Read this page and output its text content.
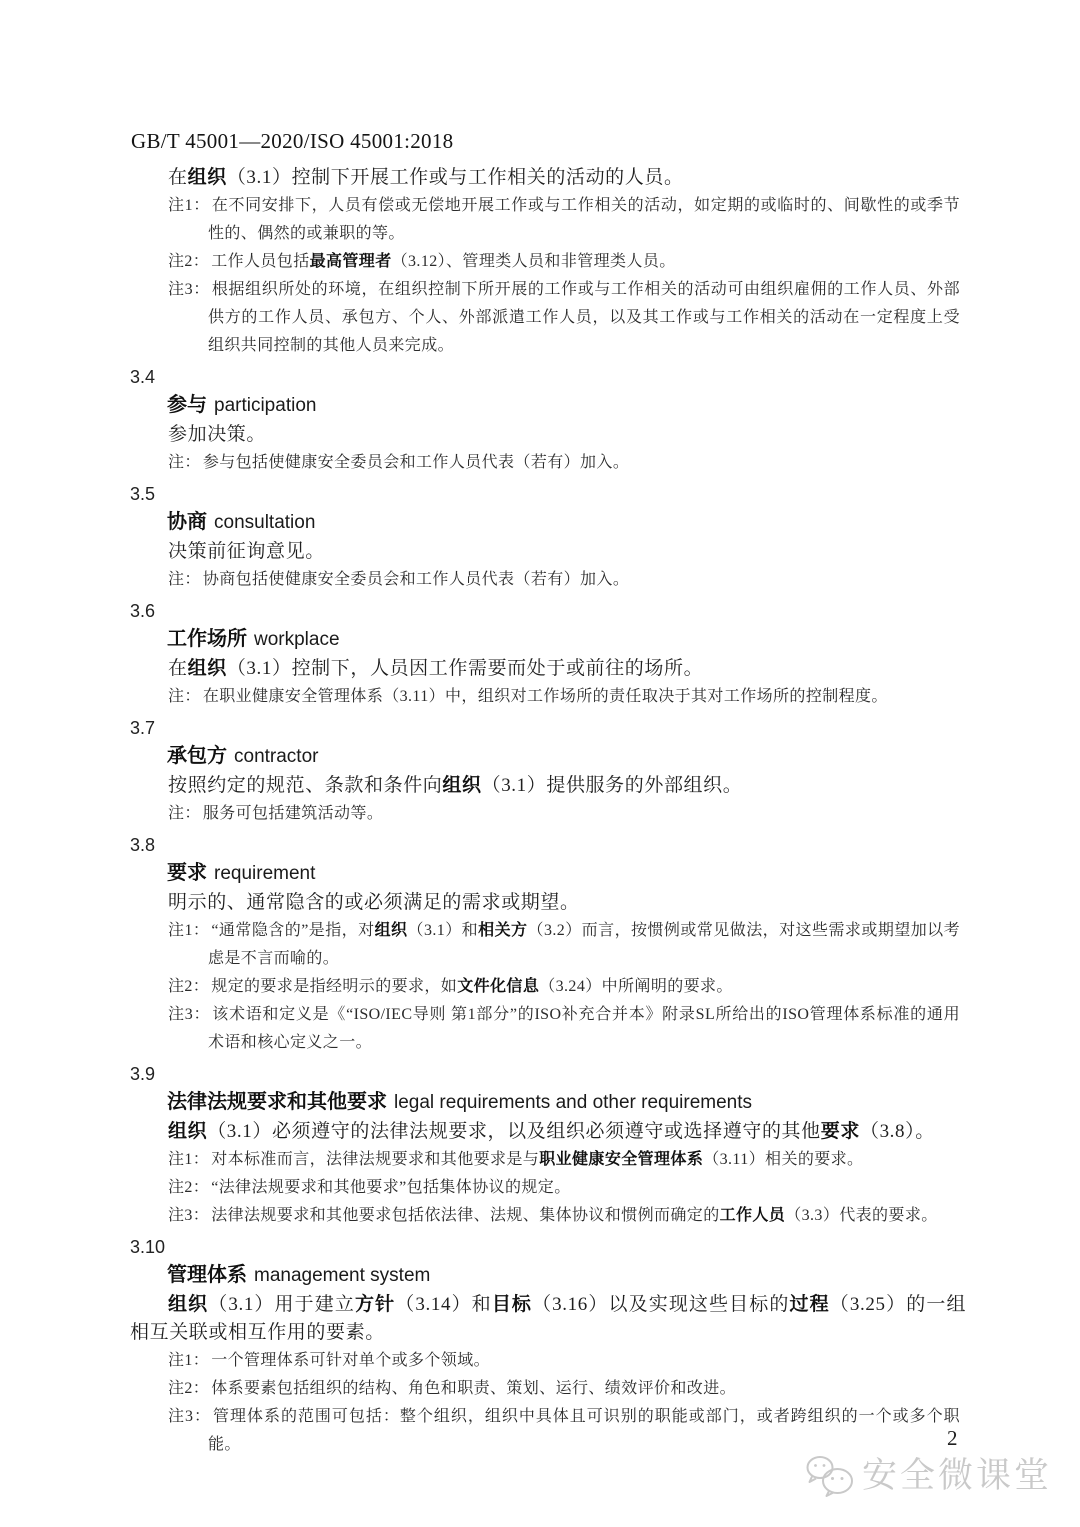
GB/T 45001—2020/ISO 45001:2018

在组织（3.1）控制下开展工作或与工作相关的活动的人员。

注1： 在不同安排下，人员有偿或无偿地开展工作或与工作相关的活动，如定期的或临时的、间歇性的或季节性的、偶然的或兼职的等。
注2： 工作人员包括最高管理者（3.12）、管理类人员和非管理类人员。
注3： 根据组织所处的环境，在组织控制下所开展的工作或与工作相关的活动可由组织雇佣的工作人员、外部供方的工作人员、承包方、个人、外部派遣工作人员，以及其工作或与工作相关的活动在一定程度上受组织共同控制的其他人员来完成。
3.4
参与 participation

参加决策。

注： 参与包括使健康安全委员会和工作人员代表（若有）加入。
3.5
协商 consultation

决策前征询意见。

注： 协商包括使健康安全委员会和工作人员代表（若有）加入。
3.6
工作场所 workplace

在组织（3.1）控制下，人员因工作需要而处于或前往的场所。

注： 在职业健康安全管理体系（3.11）中，组织对工作场所的责任取决于其对工作场所的控制程度。
3.7
承包方 contractor

按照约定的规范、条款和条件向组织（3.1）提供服务的外部组织。

注： 服务可包括建筑活动等。
3.8
要求 requirement

明示的、通常隐含的或必须满足的需求或期望。

注1： “通常隐含的”是指，对组织（3.1）和相关方（3.2）而言，按惯例或常见做法，对这些需求或期望加以考虑是不言而喻的。
注2： 规定的要求是指经明示的要求，如文件化信息（3.24）中所阐明的要求。
注3： 该术语和定义是《“ISO/IEC导则 第1部分”的ISO补充合并本》附录SL所给出的ISO管理体系标准的通用术语和核心定义之一。
3.9
法律法规要求和其他要求 legal requirements and other requirements

组织（3.1）必须遵守的法律法规要求，以及组织必须遵守或选择遵守的其他要求（3.8）。

注1： 对本标准而言，法律法规要求和其他要求是与职业健康安全管理体系（3.11）相关的要求。
注2： “法律法规要求和其他要求”包括集体协议的规定。
注3： 法律法规要求和其他要求包括依法律、法规、集体协议和惯例而确定的工作人员（3.3）代表的要求。
3.10
管理体系 management system

组织（3.1）用于建立方针（3.14）和目标（3.16）以及实现这些目标的过程（3.25）的一组相互关联或相互作用的要素。

注1： 一个管理体系可针对单个或多个领域。
注2： 体系要素包括组织的结构、角色和职责、策划、运行、绩效评价和改进。
注3： 管理体系的范围可包括：整个组织，组织中具体且可识别的职能或部门，或者跨组织的一个或多个职能。	2
安全微课堂
